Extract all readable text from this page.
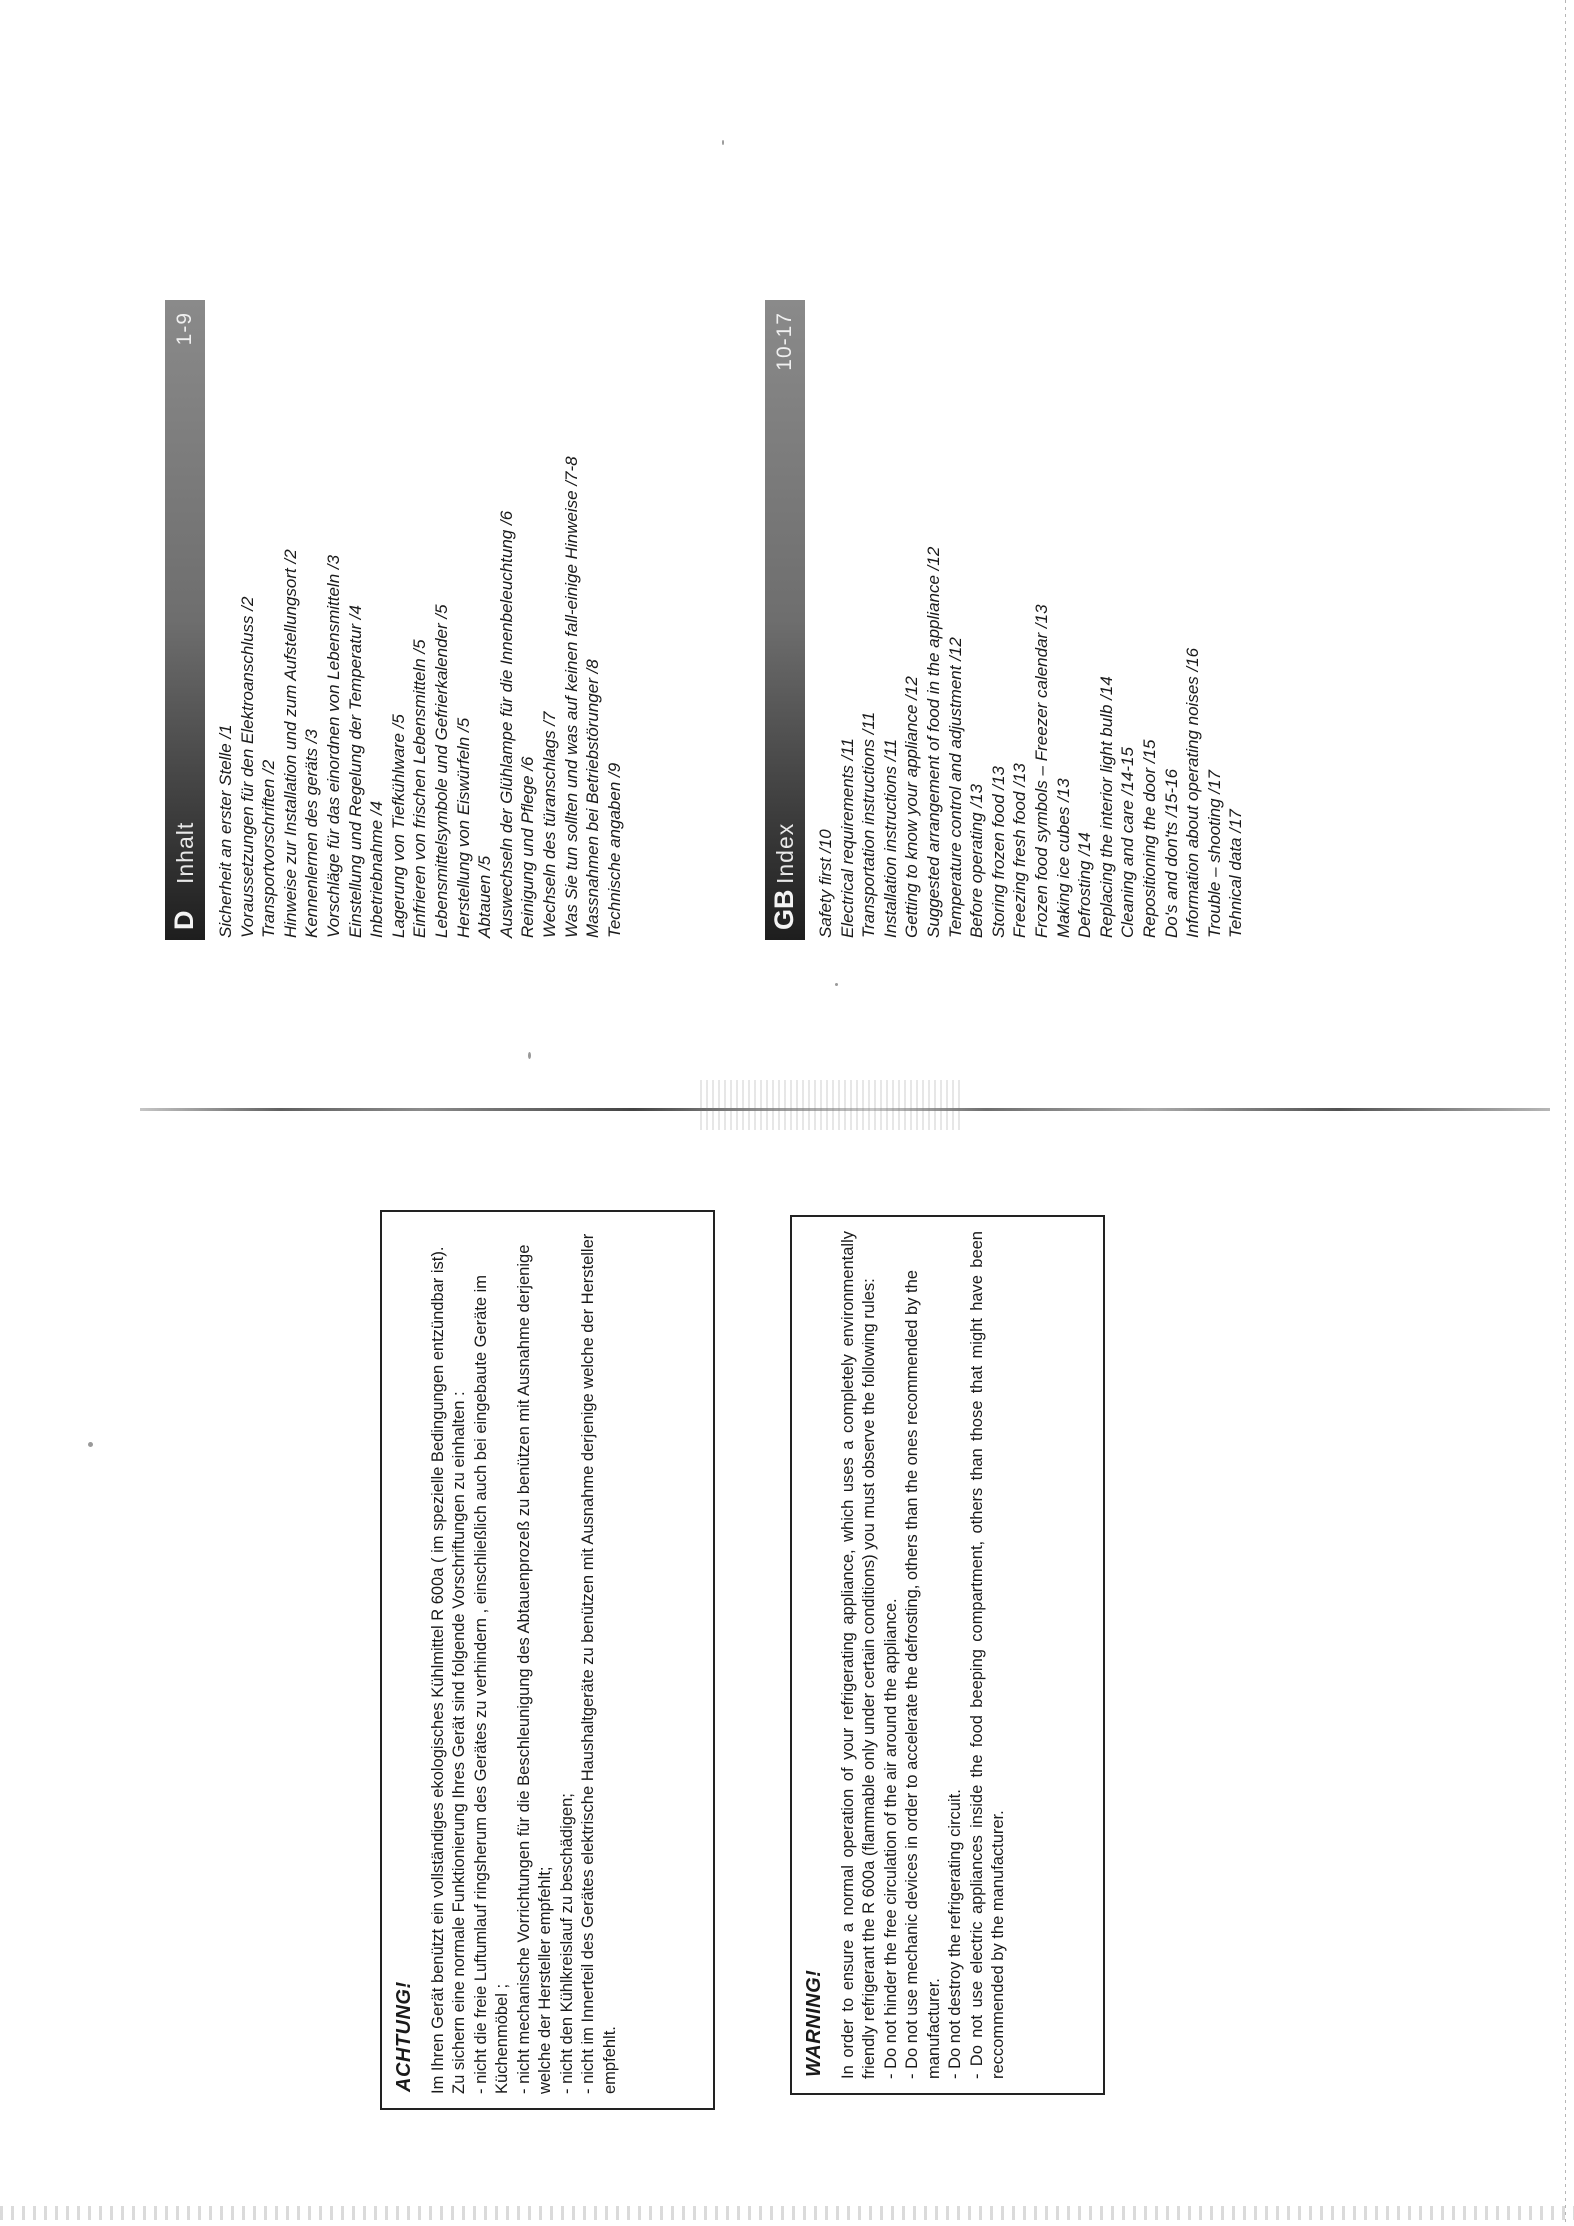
ACHTUNG! Im Ihren Gerät benützt ein vollständiges ekologisches Kühlmittel R 600a ( im spezielle Bedingungen entzündbar ist). Zu sichern eine normale Funktionierung Ihres Gerät sind folgende Vorschriftungen zu einhalten : - nicht die freie Luftumlauf ringsherum des Gerätes zu verhindern , einschließlich auch bei eingebaute Geräte im Küchenmöbel ; - nicht mechanische Vorrichtungen für die Beschleunigung des Abtauenprozeß zu benützen mit Ausnahme derjenige welche der Hersteller empfehlt; - nicht den Kühlkreislauf zu beschädigen; - nicht im Innerteil des Gerätes elektrische Haushaltgeräte zu benützen mit Ausnahme derjenige welche der Hersteller empfehlt.	WARNING! In order to ensure a normal operation of your refrigerating appliance, which uses a completely environmentally friendly refrigerant the R 600a (flammable only under certain conditions) you must observe the following rules: - Do not hinder the free circulation of the air around the appliance. - Do not use mechanic devices in order to accelerate the defrosting, others than the ones recommended by the manufacturer. - Do not destroy the refrigerating circuit. - Do not use electric appliances inside the food beeping compartment, others than those that might have been reccommended by the manufacturer.

D
Inhalt
1-9
Sicherheit an erster Stelle /1 Voraussetzungen für den Elektroanschluss /2 Transportvorschriften /2 Hinweise zur Installation und zum Aufstellungsort /2 Kennenlernen des geräts /3 Vorschläge für das einordnen von Lebensmitteln /3 Einstellung und Regelung der Temperatur /4 Inbetriebnahme /4 Lagerung von Tiefkühlware /5 Einfrieren von frischen Lebensmitteln /5 Lebensmittelsymbole und Gefrierkalender /5 Herstellung von Eiswürfeln /5 Abtauen /5 Auswechseln der Glühlampe für die Innenbeleuchtung /6 Reinigung und Pflege /6 Wechseln des türanschlags /7 Was Sie tun sollten und was auf keinen fall-einige Hinweise /7-8 Massnahmen bei Betriebstörunger /8 Technische angaben /9	GB
Index
10-17
Safety first /10 Electrical requirements /11 Transportation instructions /11 Installation instructions /11 Getting to know your appliance /12 Suggested arrangement of food in the appliance /12 Temperature control and adjustment /12 Before operating /13 Storing frozen food /13 Freezing fresh food /13 Frozen food symbols – Freezer calendar /13 Making ice cubes /13 Defrosting /14 Replacing the interior light bulb /14 Cleaning and care /14-15 Repositioning the door /15 Do's and don'ts /15-16 Information about operating noises /16 Trouble – shooting /17 Tehnical data /17
